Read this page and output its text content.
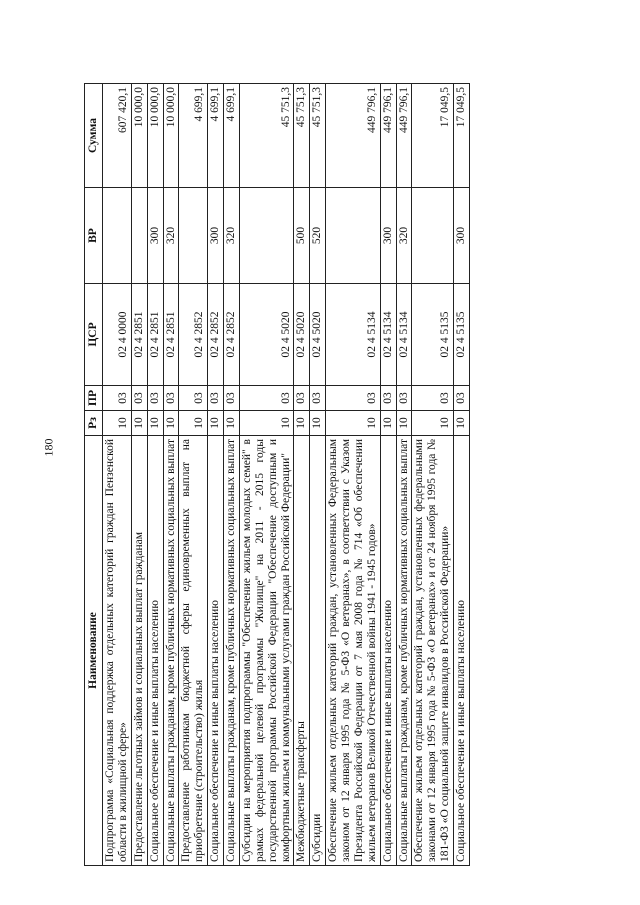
180
Наименование	Рз	ПР	ЦСР	ВР	Сумма
Подпрограмма «Социальная поддержка отдельных категорий граждан Пензенской области в жилищной сфере»	10	03	02 4 0000		607 420,1
Предоставление льготных займов и социальных выплат гражданам	10	03	02 4 2851		10 000,0
Социальное обеспечение и иные выплаты населению	10	03	02 4 2851	300	10 000,0
Социальные выплаты гражданам, кроме публичных нормативных социальных выплат	10	03	02 4 2851	320	10 000,0
Предоставление работникам бюджетной сферы единовременных выплат на приобретение (строительство) жилья	10	03	02 4 2852		4 699,1
Социальное обеспечение и иные выплаты населению	10	03	02 4 2852	300	4 699,1
Социальные выплаты гражданам, кроме публичных нормативных социальных выплат	10	03	02 4 2852	320	4 699,1
Субсидии на мероприятия подпрограммы "Обеспечение жильем молодых семей" в рамках федеральной целевой программы "Жилище" на 2011 - 2015 годы государственной программы Российской Федерации "Обеспечение доступным и комфортным жильем и коммунальными услугами граждан Российской Федерации"	10	03	02 4 5020		45 751,3
Межбюджетные трансферты	10	03	02 4 5020	500	45 751,3
Субсидии	10	03	02 4 5020	520	45 751,3
Обеспечение жильем отдельных категорий граждан, установленных Федеральным законом от 12 января 1995 года № 5-ФЗ «О ветеранах», в соответствии с Указом Президента Российской Федерации от 7 мая 2008 года № 714 «Об обеспечении жильем ветеранов Великой Отечественной войны 1941 - 1945 годов»	10	03	02 4 5134		449 796,1
Социальное обеспечение и иные выплаты населению	10	03	02 4 5134	300	449 796,1
Социальные выплаты гражданам, кроме публичных нормативных социальных выплат	10	03	02 4 5134	320	449 796,1
Обеспечение жильем отдельных категорий граждан, установленных федеральными законами от 12 января 1995 года № 5-ФЗ «О ветеранах» и от 24 ноября 1995 года № 181-ФЗ «О социальной защите инвалидов в Российской Федерации»	10	03	02 4 5135		17 049,5
Социальное обеспечение и иные выплаты населению	10	03	02 4 5135	300	17 049,5
